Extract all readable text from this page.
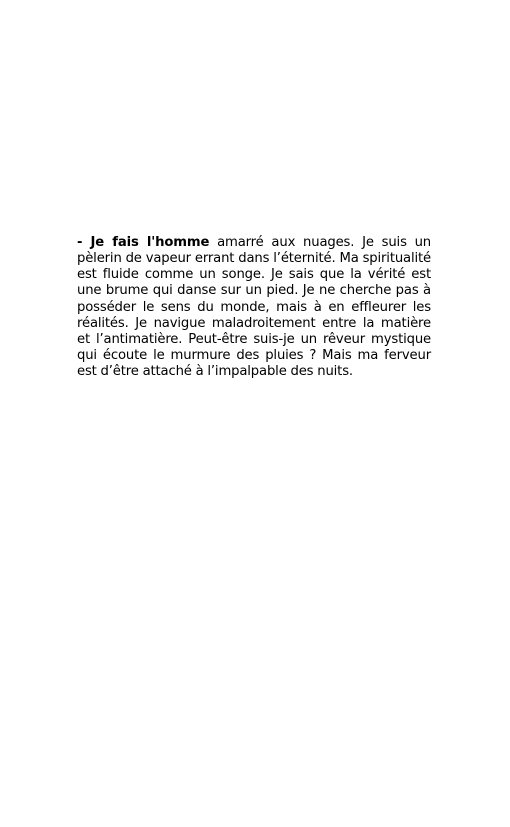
- Je fais l'homme amarré aux nuages. Je suis un pèlerin de vapeur errant dans l’éternité. Ma spiritualité est fluide comme un songe. Je sais que la vérité est une brume qui danse sur un pied. Je ne cherche pas à posséder le sens du monde, mais à en effleurer les réalités. Je navigue maladroitement entre la matière et l’antimatière. Peut-être suis-je un rêveur mystique qui écoute le murmure des pluies ? Mais ma ferveur est d’être attaché à l’impalpable des nuits.
